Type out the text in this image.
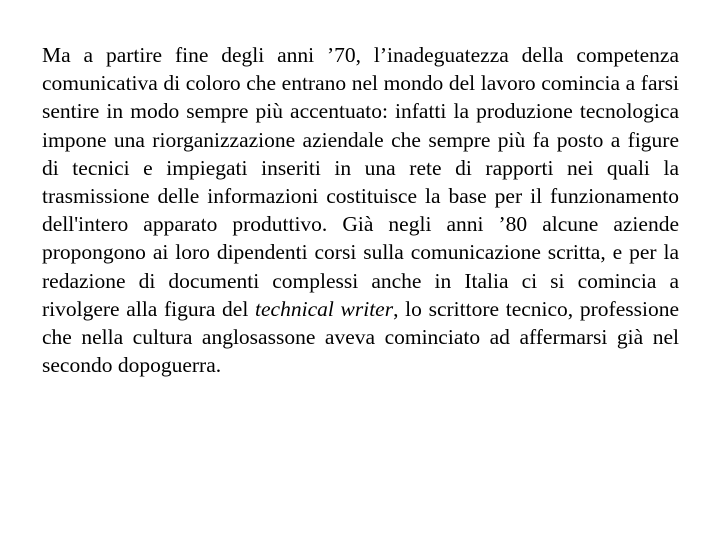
Ma a partire fine degli anni ’70, l’inadeguatezza della competenza comunicativa di coloro che entrano nel mondo del lavoro comincia a farsi sentire in modo sempre più accentuato: infatti la produzione tecnologica impone una riorganizzazione aziendale che sempre più fa posto a figure di tecnici e impiegati inseriti in una rete di rapporti nei quali la trasmissione delle informazioni costituisce la base per il funzionamento dell'intero apparato produttivo. Già negli anni ’80 alcune aziende propongono ai loro dipendenti corsi sulla comunicazione scritta, e per la redazione di documenti complessi anche in Italia ci si comincia a rivolgere alla figura del technical writer, lo scrittore tecnico, professione che nella cultura anglosassone aveva cominciato ad affermarsi già nel secondo dopoguerra.
